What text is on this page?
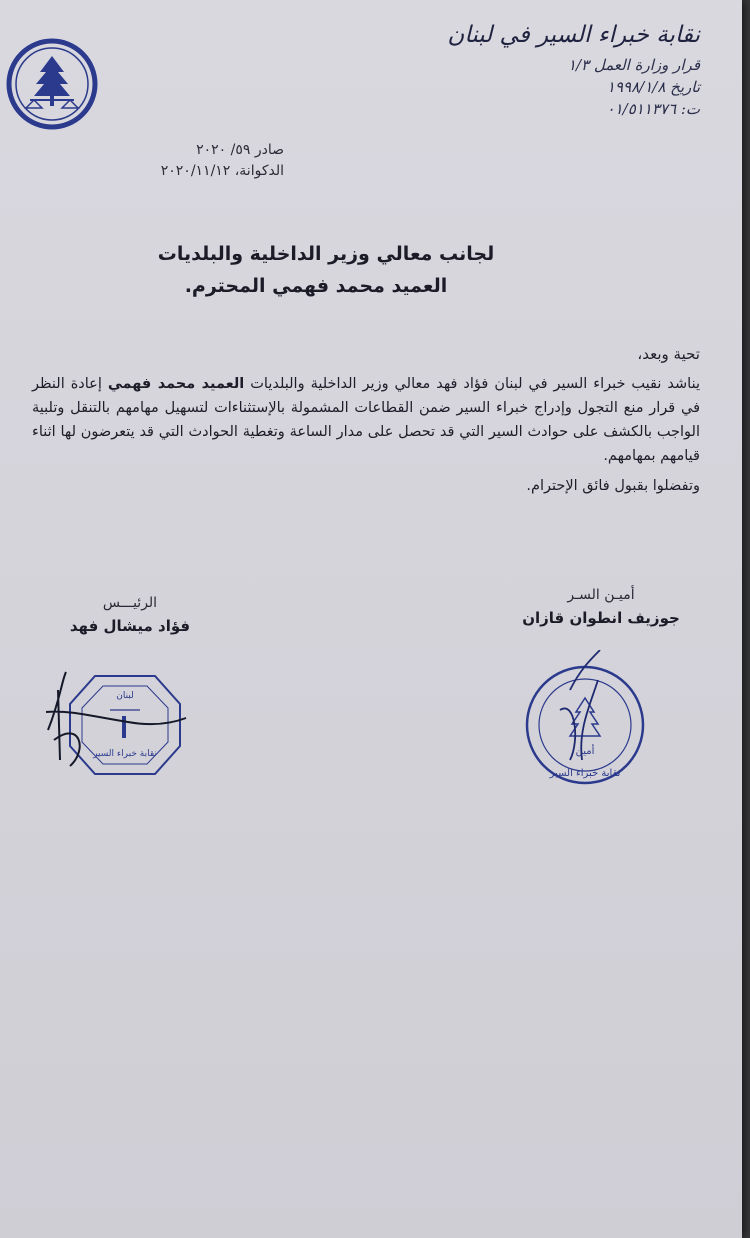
نقابة خبراء السير في لبنان
قرار وزارة العمل ١/٣
تاريخ ١٩٩٨/١/٨
ت: ٠١/٥١١٣٧٦
صادر ٥٩/ ٢٠٢٠
الدكوانة، ٢٠٢٠/١١/١٢
لجانب معالي وزير الداخلية والبلديات
العميد محمد فهمي المحترم.
تحية وبعد،
يناشد نقيب خبراء السير في لبنان فؤاد فهد معالي وزير الداخلية والبلديات العميد محمد فهمي إعادة النظر في قرار منع التجول وإدراج خبراء السير ضمن القطاعات المشمولة بالإستثناءات لتسهيل مهامهم بالتنقل وتلبية الواجب بالكشف على حوادث السير التي قد تحصل على مدار الساعة وتغطية الحوادث التي قد يتعرضون لها اثناء قيامهم بمهامهم.
وتفضلوا بقبول فائق الإحترام.
أميـن السـر
جوزيف انطوان قازان
الرئيـــس
فؤاد ميشال فهد
أمين
نقابة خبراء السير
لبنان
نقابة خبراء السير
